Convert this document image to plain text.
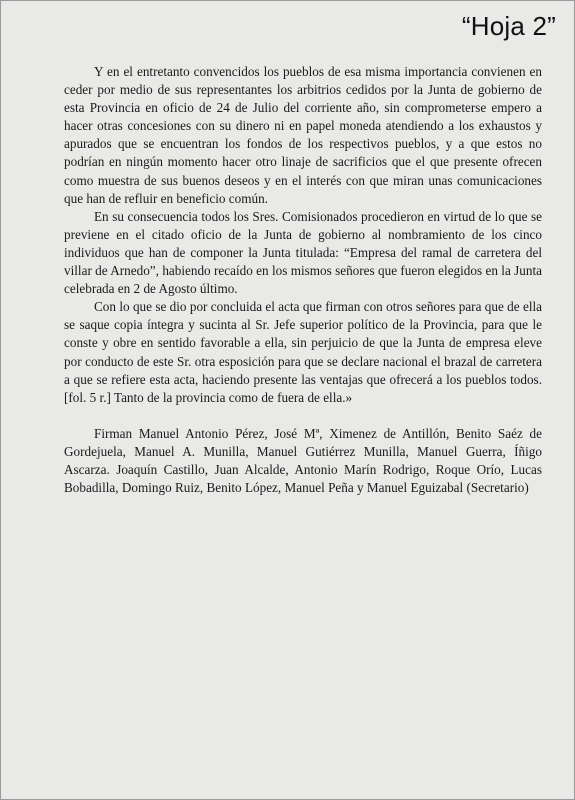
“Hoja 2”

Y en el entretanto convencidos los pueblos de esa misma importancia convienen en ceder por medio de sus representantes los arbitrios cedidos por la Junta de gobierno de esta Provincia en oficio de 24 de Julio del corriente año, sin comprometerse empero a hacer otras concesiones con su dinero ni en papel moneda atendiendo a los exhaustos y apurados que se encuentran los fondos de los respectivos pueblos, y a que estos no podrían en ningún momento hacer otro linaje de sacrificios que el que presente ofrecen como muestra de sus buenos deseos y en el interés con que miran unas comunicaciones que han de refluir en beneficio común.

En su consecuencia todos los Sres. Comisionados procedieron en virtud de lo que se previene en el citado oficio de la Junta de gobierno al nombramiento de los cinco individuos que han de componer la Junta titulada: “Empresa del ramal de carretera del villar de Arnedo”, habiendo recaído en los mismos señores que fueron elegidos en la Junta celebrada en 2 de Agosto último.

Con lo que se dio por concluida el acta que firman con otros señores para que de ella se saque copia íntegra y sucinta al Sr. Jefe superior político de la Provincia, para que le conste y obre en sentido favorable a ella, sin perjuicio de que la Junta de empresa eleve por conducto de este Sr. otra esposición para que se declare nacional el brazal de carretera a que se refiere esta acta, haciendo presente las ventajas que ofrecerá a los pueblos todos. [fol. 5 r.] Tanto de la provincia como de fuera de ella.»

Firman Manuel Antonio Pérez, José Mª, Ximenez de Antillón, Benito Saéz de Gordejuela, Manuel A. Munilla, Manuel Gutiérrez Munilla, Manuel Guerra, Íñigo Ascarza. Joaquín Castillo, Juan Alcalde, Antonio Marín Rodrigo, Roque Orío, Lucas Bobadilla, Domingo Ruiz, Benito López, Manuel Peña y Manuel Eguizabal (Secretario)
